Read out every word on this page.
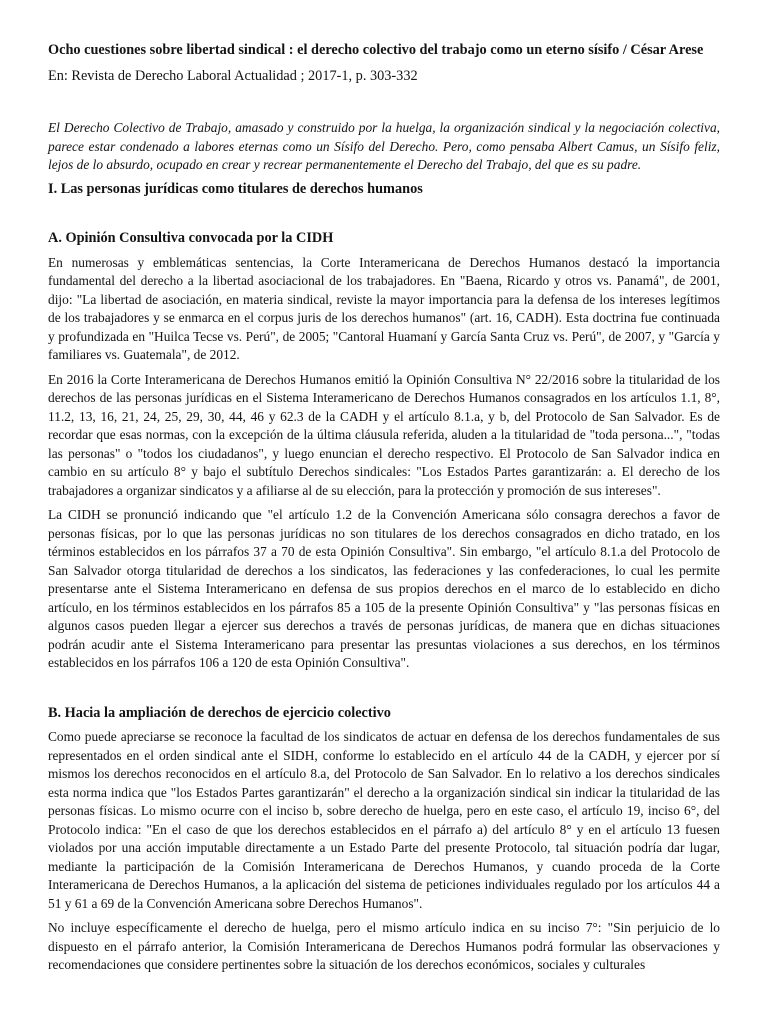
Ocho cuestiones sobre libertad sindical : el derecho colectivo del trabajo como un eterno sísifo / César Arese

En: Revista de Derecho Laboral Actualidad ; 2017-1, p. 303-332

El Derecho Colectivo de Trabajo, amasado y construido por la huelga, la organización sindical y la negociación colectiva, parece estar condenado a labores eternas como un Sísifo del Derecho. Pero, como pensaba Albert Camus, un Sísifo feliz, lejos de lo absurdo, ocupado en crear y recrear permanentemente el Derecho del Trabajo, del que es su padre.

I. Las personas jurídicas como titulares de derechos humanos
A. Opinión Consultiva convocada por la CIDH

En numerosas y emblemáticas sentencias, la Corte Interamericana de Derechos Humanos destacó la importancia fundamental del derecho a la libertad asociacional de los trabajadores. En "Baena, Ricardo y otros vs. Panamá", de 2001, dijo: "La libertad de asociación, en materia sindical, reviste la mayor importancia para la defensa de los intereses legítimos de los trabajadores y se enmarca en el corpus juris de los derechos humanos" (art. 16, CADH). Esta doctrina fue continuada y profundizada en "Huilca Tecse vs. Perú", de 2005; "Cantoral Huamaní y García Santa Cruz vs. Perú", de 2007, y "García y familiares vs. Guatemala", de 2012.

En 2016 la Corte Interamericana de Derechos Humanos emitió la Opinión Consultiva N° 22/2016 sobre la titularidad de los derechos de las personas jurídicas en el Sistema Interamericano de Derechos Humanos consagrados en los artículos 1.1, 8°, 11.2, 13, 16, 21, 24, 25, 29, 30, 44, 46 y 62.3 de la CADH y el artículo 8.1.a, y b, del Protocolo de San Salvador. Es de recordar que esas normas, con la excepción de la última cláusula referida, aluden a la titularidad de "toda persona...", "todas las personas" o "todos los ciudadanos", y luego enuncian el derecho respectivo. El Protocolo de San Salvador indica en cambio en su artículo 8° y bajo el subtítulo Derechos sindicales: "Los Estados Partes garantizarán: a. El derecho de los trabajadores a organizar sindicatos y a afiliarse al de su elección, para la protección y promoción de sus intereses".

La CIDH se pronunció indicando que "el artículo 1.2 de la Convención Americana sólo consagra derechos a favor de personas físicas, por lo que las personas jurídicas no son titulares de los derechos consagrados en dicho tratado, en los términos establecidos en los párrafos 37 a 70 de esta Opinión Consultiva". Sin embargo, "el artículo 8.1.a del Protocolo de San Salvador otorga titularidad de derechos a los sindicatos, las federaciones y las confederaciones, lo cual les permite presentarse ante el Sistema Interamericano en defensa de sus propios derechos en el marco de lo establecido en dicho artículo, en los términos establecidos en los párrafos 85 a 105 de la presente Opinión Consultiva" y "las personas físicas en algunos casos pueden llegar a ejercer sus derechos a través de personas jurídicas, de manera que en dichas situaciones podrán acudir ante el Sistema Interamericano para presentar las presuntas violaciones a sus derechos, en los términos establecidos en los párrafos 106 a 120 de esta Opinión Consultiva".

B. Hacia la ampliación de derechos de ejercicio colectivo

Como puede apreciarse se reconoce la facultad de los sindicatos de actuar en defensa de los derechos fundamentales de sus representados en el orden sindical ante el SIDH, conforme lo establecido en el artículo 44 de la CADH, y ejercer por sí mismos los derechos reconocidos en el artículo 8.a, del Protocolo de San Salvador. En lo relativo a los derechos sindicales esta norma indica que "los Estados Partes garantizarán" el derecho a la organización sindical sin indicar la titularidad de las personas físicas. Lo mismo ocurre con el inciso b, sobre derecho de huelga, pero en este caso, el artículo 19, inciso 6°, del Protocolo indica: "En el caso de que los derechos establecidos en el párrafo a) del artículo 8° y en el artículo 13 fuesen violados por una acción imputable directamente a un Estado Parte del presente Protocolo, tal situación podría dar lugar, mediante la participación de la Comisión Interamericana de Derechos Humanos, y cuando proceda de la Corte Interamericana de Derechos Humanos, a la aplicación del sistema de peticiones individuales regulado por los artículos 44 a 51 y 61 a 69 de la Convención Americana sobre Derechos Humanos".

No incluye específicamente el derecho de huelga, pero el mismo artículo indica en su inciso 7°: "Sin perjuicio de lo dispuesto en el párrafo anterior, la Comisión Interamericana de Derechos Humanos podrá formular las observaciones y recomendaciones que considere pertinentes sobre la situación de los derechos económicos, sociales y culturales
